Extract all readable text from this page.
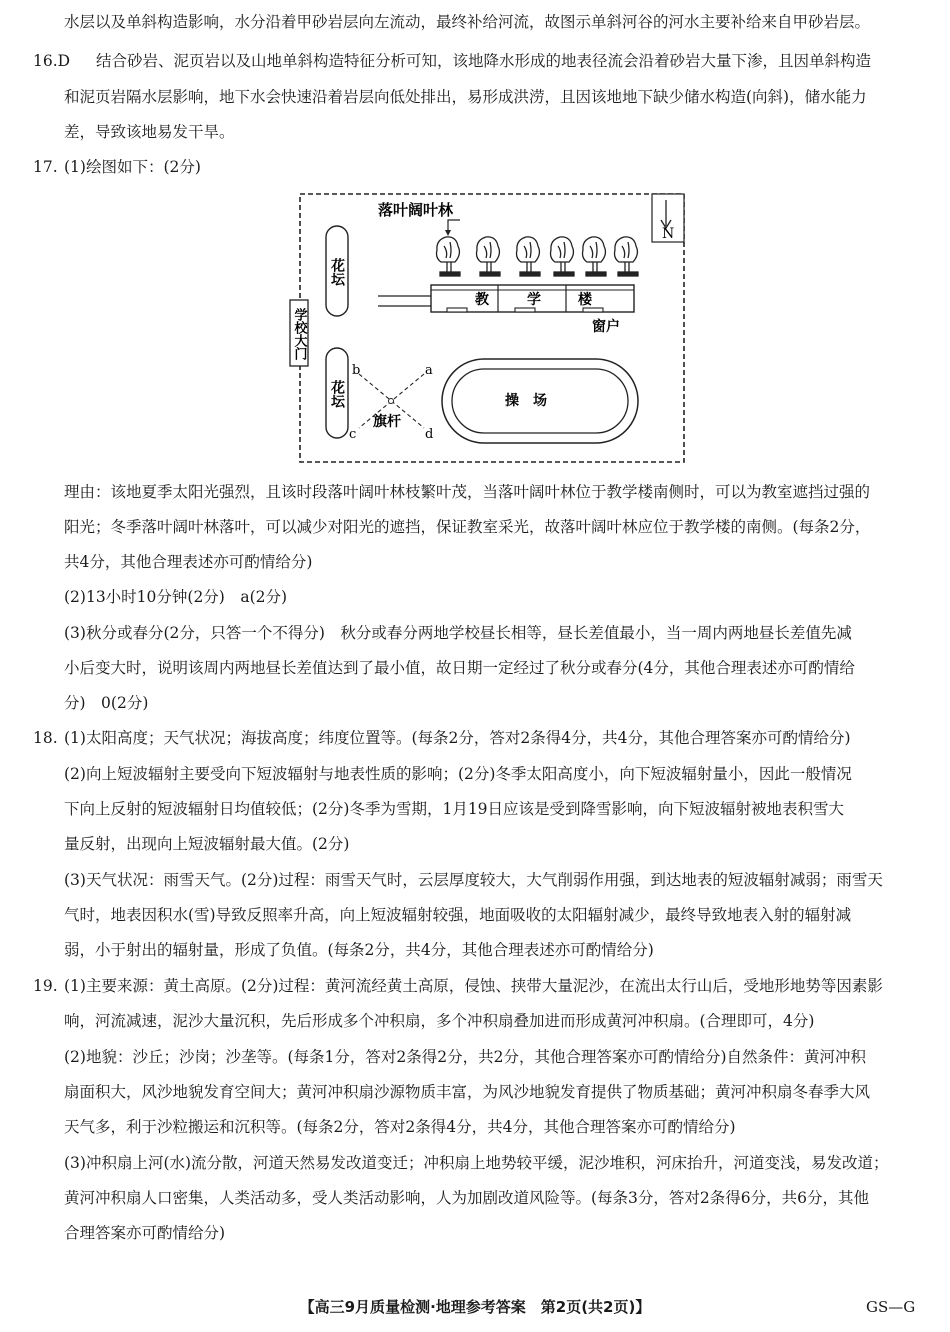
水层以及单斜构造影响，水分沿着甲砂岩层向左流动，最终补给河流，故图示单斜河谷的河水主要补给来自甲砂岩层。
16.D 结合砂岩、泥页岩以及山地单斜构造特征分析可知，该地降水形成的地表径流会沿着砂岩大量下渗，且因单斜构造
和泥页岩隔水层影响，地下水会快速沿着岩层向低处排出，易形成洪涝，且因该地地下缺少储水构造(向斜)，储水能力
差，导致该地易发干旱。
17. (1)绘图如下：(2分)
N
落叶阔叶林
教	学	楼
窗户
花坛
花坛
学校大门
a
b
c	d
旗杆
操　场
理由：该地夏季太阳光强烈，且该时段落叶阔叶林枝繁叶茂，当落叶阔叶林位于教学楼南侧时，可以为教室遮挡过强的
阳光；冬季落叶阔叶林落叶，可以减少对阳光的遮挡，保证教室采光，故落叶阔叶林应位于教学楼的南侧。(每条2分，
共4分，其他合理表述亦可酌情给分)
(2)13小时10分钟(2分)　a(2分)
(3)秋分或春分(2分，只答一个不得分)　秋分或春分两地学校昼长相等，昼长差值最小，当一周内两地昼长差值先减
小后变大时，说明该周内两地昼长差值达到了最小值，故日期一定经过了秋分或春分(4分，其他合理表述亦可酌情给
分)　0(2分)
18. (1)太阳高度；天气状况；海拔高度；纬度位置等。(每条2分，答对2条得4分，共4分，其他合理答案亦可酌情给分)
(2)向上短波辐射主要受向下短波辐射与地表性质的影响；(2分)冬季太阳高度小，向下短波辐射量小，因此一般情况
下向上反射的短波辐射日均值较低；(2分)冬季为雪期，1月19日应该是受到降雪影响，向下短波辐射被地表积雪大
量反射，出现向上短波辐射最大值。(2分)
(3)天气状况：雨雪天气。(2分)过程：雨雪天气时，云层厚度较大，大气削弱作用强，到达地表的短波辐射减弱；雨雪天
气时，地表因积水(雪)导致反照率升高，向上短波辐射较强，地面吸收的太阳辐射减少，最终导致地表入射的辐射减
弱，小于射出的辐射量，形成了负值。(每条2分，共4分，其他合理表述亦可酌情给分)
19. (1)主要来源：黄土高原。(2分)过程：黄河流经黄土高原，侵蚀、挟带大量泥沙，在流出太行山后，受地形地势等因素影
响，河流减速，泥沙大量沉积，先后形成多个冲积扇，多个冲积扇叠加进而形成黄河冲积扇。(合理即可，4分)
(2)地貌：沙丘；沙岗；沙垄等。(每条1分，答对2条得2分，共2分，其他合理答案亦可酌情给分)自然条件：黄河冲积
扇面积大，风沙地貌发育空间大；黄河冲积扇沙源物质丰富，为风沙地貌发育提供了物质基础；黄河冲积扇冬春季大风
天气多，利于沙粒搬运和沉积等。(每条2分，答对2条得4分，共4分，其他合理答案亦可酌情给分)
(3)冲积扇上河(水)流分散，河道天然易发改道变迁；冲积扇上地势较平缓，泥沙堆积，河床抬升，河道变浅，易发改道；
黄河冲积扇人口密集，人类活动多，受人类活动影响，人为加剧改道风险等。(每条3分，答对2条得6分，共6分，其他
合理答案亦可酌情给分)
【高三9月质量检测·地理参考答案　第2页(共2页)】	GS—G
